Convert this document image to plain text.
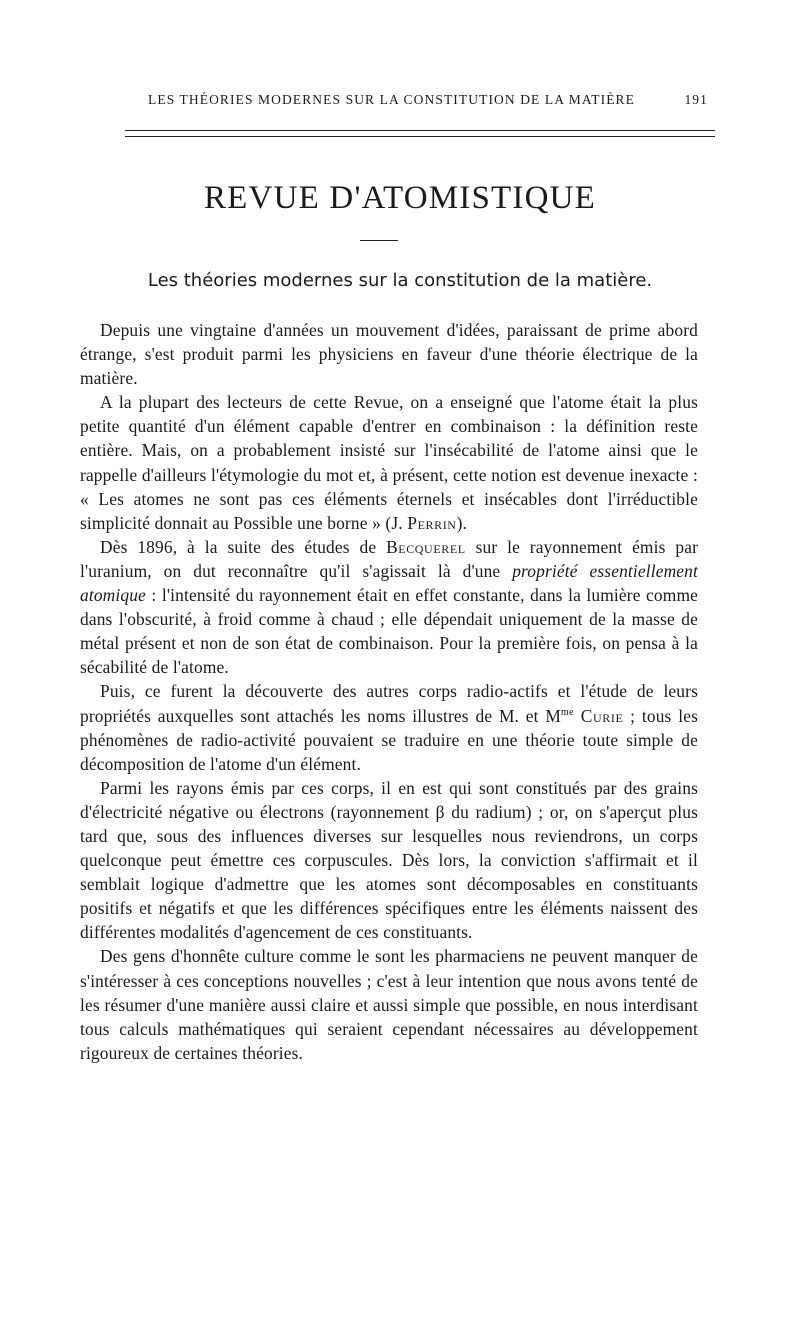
LES THÉORIES MODERNES SUR LA CONSTITUTION DE LA MATIÈRE	191
REVUE D'ATOMISTIQUE
Les théories modernes sur la constitution de la matière.

Depuis une vingtaine d'années un mouvement d'idées, paraissant de prime abord étrange, s'est produit parmi les physiciens en faveur d'une théorie électrique de la matière.

A la plupart des lecteurs de cette Revue, on a enseigné que l'atome était la plus petite quantité d'un élément capable d'entrer en combinaison : la définition reste entière. Mais, on a probablement insisté sur l'insécabilité de l'atome ainsi que le rappelle d'ailleurs l'étymologie du mot et, à présent, cette notion est devenue inexacte : « Les atomes ne sont pas ces éléments éternels et insécables dont l'irréductible simplicité donnait au Possible une borne » (J. Perrin).

Dès 1896, à la suite des études de Becquerel sur le rayonnement émis par l'uranium, on dut reconnaître qu'il s'agissait là d'une propriété essentiellement atomique : l'intensité du rayonnement était en effet constante, dans la lumière comme dans l'obscurité, à froid comme à chaud ; elle dépendait uniquement de la masse de métal présent et non de son état de combinaison. Pour la première fois, on pensa à la sécabilité de l'atome.

Puis, ce furent la découverte des autres corps radio-actifs et l'étude de leurs propriétés auxquelles sont attachés les noms illustres de M. et $M^{me}$ Curie ; tous les phénomènes de radio-activité pouvaient se traduire en une théorie toute simple de décomposition de l'atome d'un élément.

Parmi les rayons émis par ces corps, il en est qui sont constitués par des grains d'électricité négative ou électrons (rayonnement β du radium) ; or, on s'aperçut plus tard que, sous des influences diverses sur lesquelles nous reviendrons, un corps quelconque peut émettre ces corpuscules. Dès lors, la conviction s'affirmait et il semblait logique d'admettre que les atomes sont décomposables en constituants positifs et négatifs et que les différences spécifiques entre les éléments naissent des différentes modalités d'agencement de ces constituants.

Des gens d'honnête culture comme le sont les pharmaciens ne peuvent manquer de s'intéresser à ces conceptions nouvelles ; c'est à leur intention que nous avons tenté de les résumer d'une manière aussi claire et aussi simple que possible, en nous interdisant tous calculs mathématiques qui seraient cependant nécessaires au développement rigoureux de certaines théories.
